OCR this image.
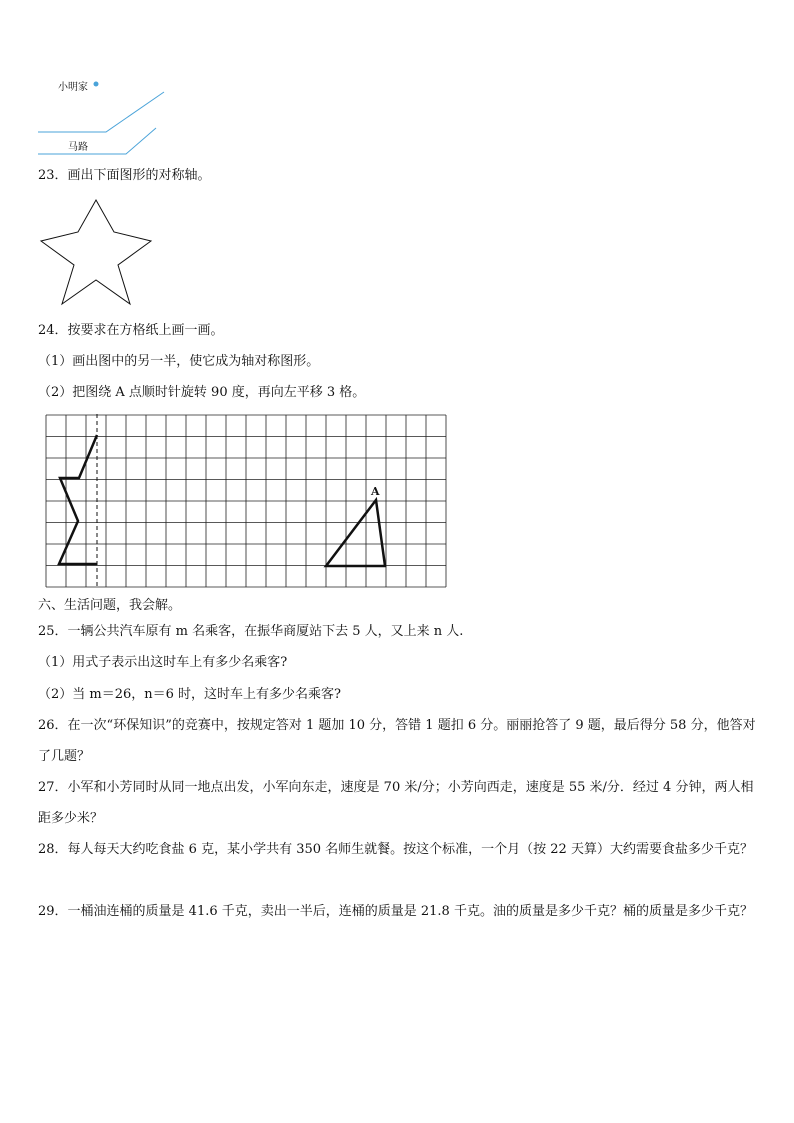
小明家
马路
23．画出下面图形的对称轴。
24．按要求在方格纸上画一画。
（1）画出图中的另一半，使它成为轴对称图形。
（2）把图绕 A 点顺时针旋转 90 度，再向左平移 3 格。
A
六、生活问题，我会解。
25．一辆公共汽车原有 m 名乘客，在振华商厦站下去 5 人，又上来 n 人.
（1）用式子表示出这时车上有多少名乘客?
（2）当 m＝26，n＝6 时，这时车上有多少名乘客?
26．在一次“环保知识”的竞赛中，按规定答对 1 题加 10 分，答错 1 题扣 6 分。丽丽抢答了 9 题，最后得分 58 分，他答对了几题？
27．小军和小芳同时从同一地点出发，小军向东走，速度是 70 米/分；小芳向西走，速度是 55 米/分．经过 4 分钟，两人相距多少米？
28．每人每天大约吃食盐 6 克，某小学共有 350 名师生就餐。按这个标准，一个月（按 22 天算）大约需要食盐多少千克？
29．一桶油连桶的质量是 41.6 千克，卖出一半后，连桶的质量是 21.8 千克。油的质量是多少千克？桶的质量是多少千克？
